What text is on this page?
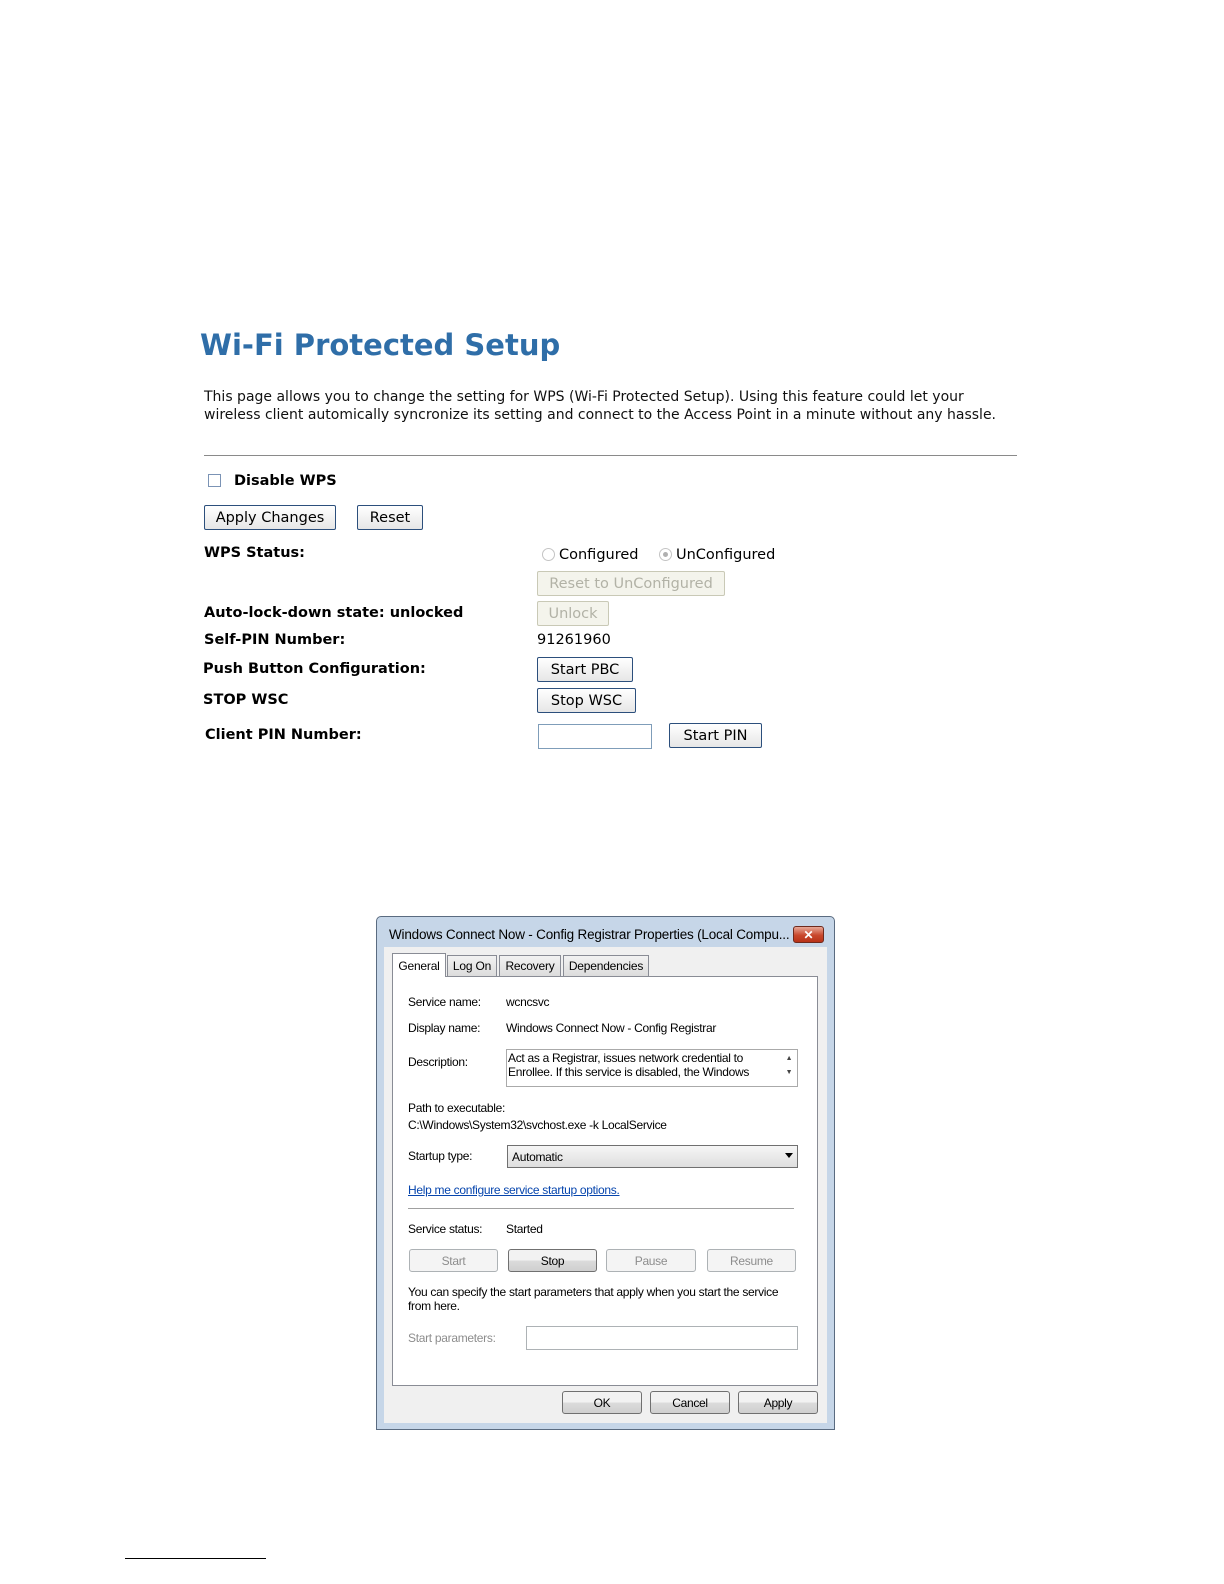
Wi-Fi Protected Setup
This page allows you to change the setting for WPS (Wi-Fi Protected Setup). Using this feature could let your wireless client automically syncronize its setting and connect to the Access Point in a minute without any hassle.
Disable WPS
Apply Changes	Reset
WPS Status:	Configured	UnConfigured
Reset to UnConfigured
Auto-lock-down state: unlocked	Unlock
Self-PIN Number:	91261960
Push Button Configuration:	Start PBC
STOP WSC	Stop WSC
Client PIN Number:	Start PIN
Windows Connect Now - Config Registrar Properties (Local Compu...	✕
General	Log On	Recovery	Dependencies
Service name: wcncsvc
Display name: Windows Connect Now - Config Registrar
Description:	Act as a Registrar, issues network credential to Enrollee. If this service is disabled, the Windows
▲
▼
Path to executable:
C:\Windows\System32\svchost.exe -k LocalService
Startup type:	Automatic
Help me configure service startup options.
Service status: Started
Start	Stop	Pause	Resume
You can specify the start parameters that apply when you start the service from here.
Start parameters:
OK	Cancel	Apply
